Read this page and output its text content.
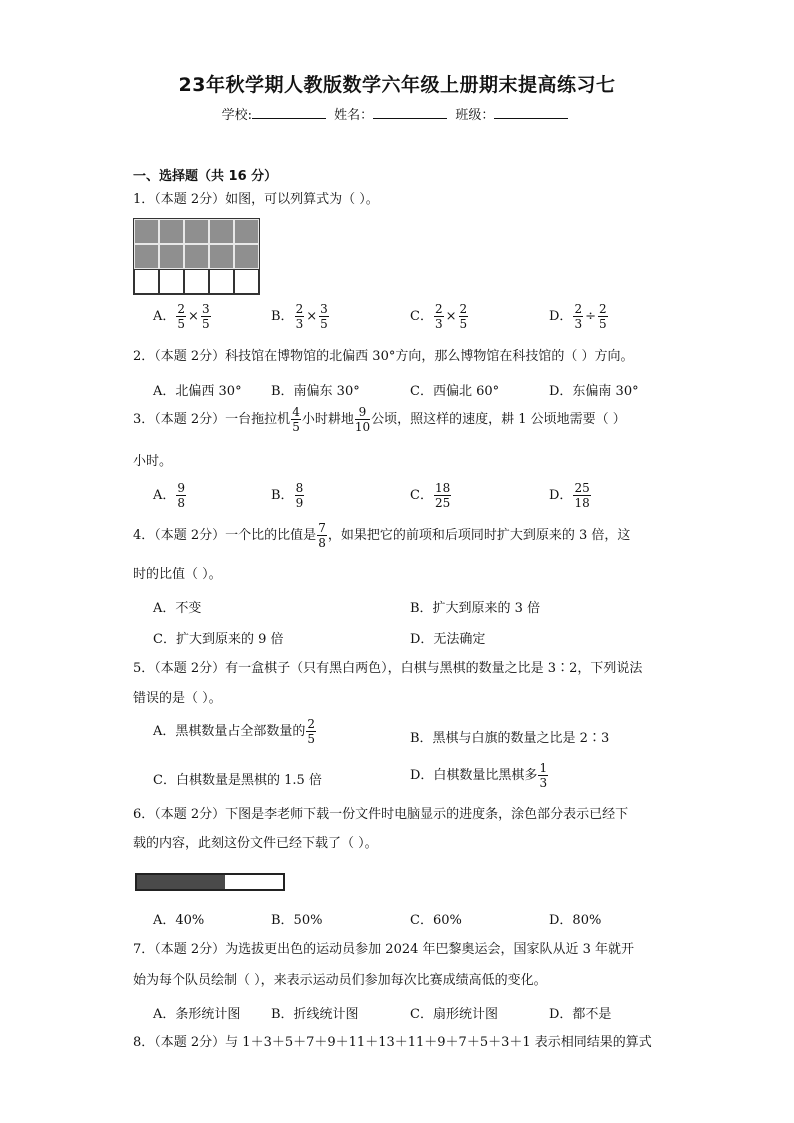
23年秋学期人教版数学六年级上册期末提高练习七
学校:	姓名：	班级：
一、选择题（共 16 分）
1．（本题 2分）如图，可以列算式为（ ）。
A． $\frac{2}{5} \times \frac{3}{5}$	B． $\frac{2}{3} \times \frac{3}{5}$	C． $\frac{2}{3} \times \frac{2}{5}$	D． $\frac{2}{3} \div \frac{2}{5}$
2．（本题 2分）科技馆在博物馆的北偏西 30°方向，那么博物馆在科技馆的（ ）方向。
A．北偏西 30° B．南偏东 30°	C．西偏北 60°	D．东偏南 30°
3．（本题 2分）一台拖拉机 $\frac{4}{5}$ 小时耕地 $\frac{9}{10}$ 公顷，照这样的速度，耕 1 公顷地需要（ ）
小时。
A． $\frac{9}{8}$	B． $\frac{8}{9}$	C． $\frac{18}{25}$	D． $\frac{25}{18}$
4．（本题 2分）一个比的比值是 $\frac{7}{8}$ ，如果把它的前项和后项同时扩大到原来的 3 倍，这
时的比值（ ）。
A．不变	B．扩大到原来的 3 倍
C．扩大到原来的 9 倍	D．无法确定
5．（本题 2分）有一盒棋子（只有黑白两色），白棋与黑棋的数量之比是 3∶2，下列说法
错误的是（ ）。
A．黑棋数量占全部数量的 $\frac{2}{5}$	B．黑棋与白旗的数量之比是 2∶3
C．白棋数量是黑棋的 1.5 倍	D．白棋数量比黑棋多 $\frac{1}{3}$
6．（本题 2分）下图是李老师下载一份文件时电脑显示的进度条，涂色部分表示已经下
载的内容，此刻这份文件已经下载了（ ）。
A．40%	B．50%	C．60%	D．80%
7．（本题 2分）为选拔更出色的运动员参加 2024 年巴黎奥运会，国家队从近 3 年就开
始为每个队员绘制（ ），来表示运动员们参加每次比赛成绩高低的变化。
A．条形统计图 B．折线统计图	C．扇形统计图	D．都不是
8．（本题 2分）与 1＋3＋5＋7＋9＋11＋13＋11＋9＋7＋5＋3＋1 表示相同结果的算式
